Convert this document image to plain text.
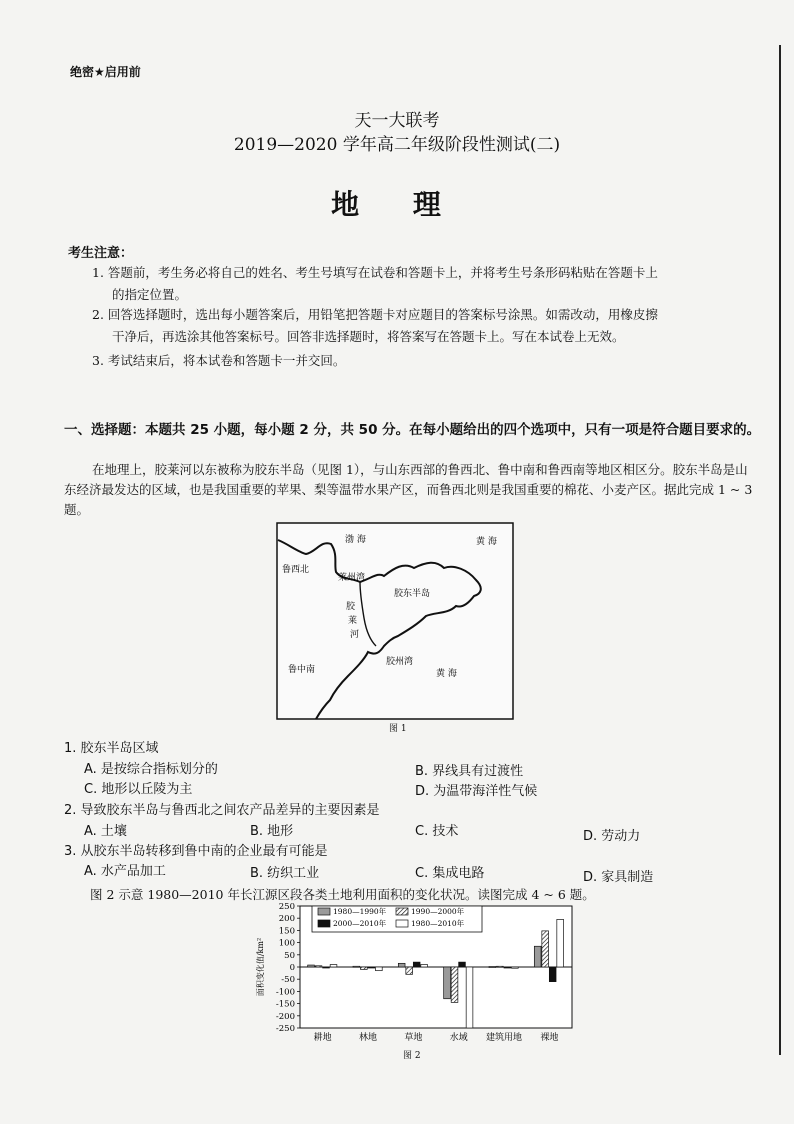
绝密★启用前
天一大联考
2019—2020 学年高二年级阶段性测试(二)
地 理
考生注意：
1. 答题前，考生务必将自己的姓名、考生号填写在试卷和答题卡上，并将考生号条形码粘贴在答题卡上
的指定位置。
2. 回答选择题时，选出每小题答案后，用铅笔把答题卡对应题目的答案标号涂黑。如需改动，用橡皮擦
干净后，再选涂其他答案标号。回答非选择题时，将答案写在答题卡上。写在本试卷上无效。
3. 考试结束后，将本试卷和答题卡一并交回。
一、选择题：本题共 25 小题，每小题 2 分，共 50 分。在每小题给出的四个选项中，只有一项是符合题目要求的。
在地理上，胶莱河以东被称为胶东半岛（见图 1），与山东西部的鲁西北、鲁中南和鲁西南等地区相区分。胶东半岛是山东经济最发达的区域，也是我国重要的苹果、梨等温带水果产区，而鲁西北则是我国重要的棉花、小麦产区。据此完成 1 ~ 3 题。
渤 海	黄 海
鲁西北
莱州湾
胶东半岛
胶
莱
河
鲁中南
胶州湾
黄 海
图 1
1. 胶东半岛区域
A. 是按综合指标划分的	B. 界线具有过渡性
C. 地形以丘陵为主	D. 为温带海洋性气候
2. 导致胶东半岛与鲁西北之间农产品差异的主要因素是
A. 土壤	B. 地形	C. 技术	D. 劳动力
3. 从胶东半岛转移到鲁中南的企业最有可能是
A. 水产品加工	B. 纺织工业	C. 集成电路	D. 家具制造
图 2 示意 1980—2010 年长江源区段各类土地利用面积的变化状况。读图完成 4 ~ 6 题。
250
200
150
100
50
0
-50
-100
-150
-200
-250
面积变化值/km²
耕地	林地	草地	水域 建筑用地 裸地
1980—1990年	1990—2000年
2000—2010年	1980—2010年
图 2
